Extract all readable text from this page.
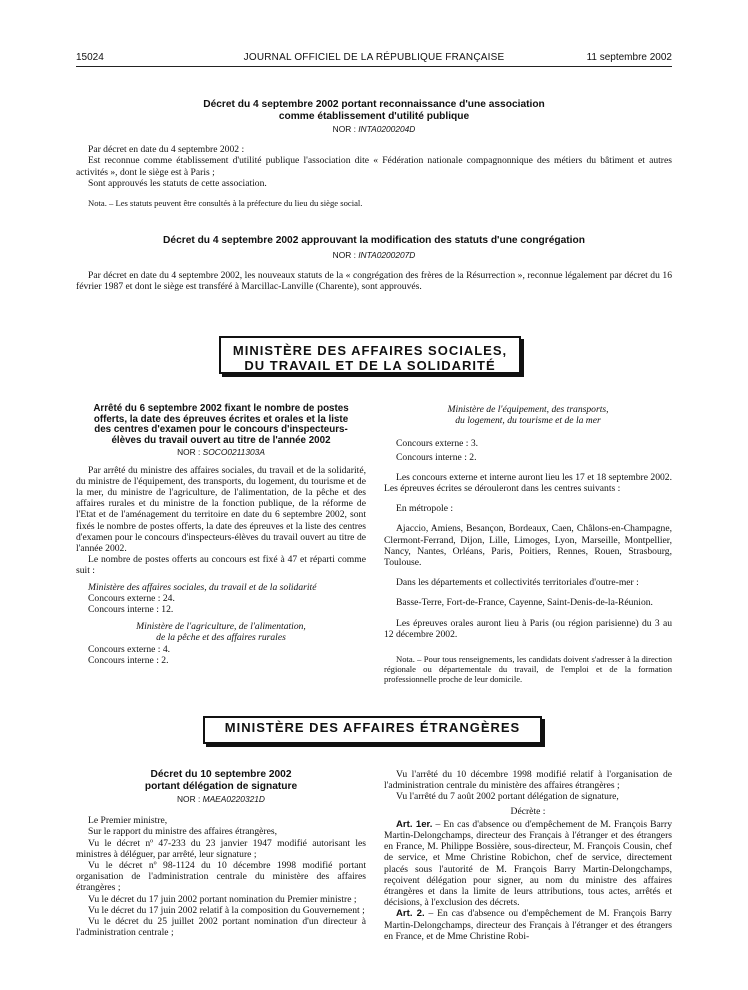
15024	JOURNAL OFFICIEL DE LA RÉPUBLIQUE FRANÇAISE	11 septembre 2002
Décret du 4 septembre 2002 portant reconnaissance d'une association
comme établissement d'utilité publique
NOR : INTA0200204D

Par décret en date du 4 septembre 2002 :

Est reconnue comme établissement d'utilité publique l'association dite « Fédération nationale compagnonnique des métiers du bâtiment et autres activités », dont le siège est à Paris ;

Sont approuvés les statuts de cette association.

Nota. – Les statuts peuvent être consultés à la préfecture du lieu du siège social.

Décret du 4 septembre 2002 approuvant la modification des statuts d'une congrégation
NOR : INTA0200207D

Par décret en date du 4 septembre 2002, les nouveaux statuts de la « congrégation des frères de la Résurrection », reconnue légalement par décret du 16 février 1987 et dont le siège est transféré à Marcillac-Lanville (Charente), sont approuvés.

MINISTÈRE DES AFFAIRES SOCIALES,
DU TRAVAIL ET DE LA SOLIDARITÉ
Arrêté du 6 septembre 2002 fixant le nombre de postes
offerts, la date des épreuves écrites et orales et la liste
des centres d'examen pour le concours d'inspecteurs-
élèves du travail ouvert au titre de l'année 2002
NOR : SOCO0211303A

Par arrêté du ministre des affaires sociales, du travail et de la solidarité, du ministre de l'équipement, des transports, du logement, du tourisme et de la mer, du ministre de l'agriculture, de l'alimentation, de la pêche et des affaires rurales et du ministre de la fonction publique, de la réforme de l'Etat et de l'aménagement du territoire en date du 6 septembre 2002, sont fixés le nombre de postes offerts, la date des épreuves et la liste des centres d'examen pour le concours d'inspecteurs-élèves du travail ouvert au titre de l'année 2002.

Le nombre de postes offerts au concours est fixé à 47 et réparti comme suit :

Ministère des affaires sociales, du travail et de la solidarité

Concours externe : 24.

Concours interne : 12.

Ministère de l'agriculture, de l'alimentation,
de la pêche et des affaires rurales

Concours externe : 4.

Concours interne : 2.

Ministère de l'équipement, des transports,
du logement, du tourisme et de la mer

Concours externe : 3.

Concours interne : 2.

Les concours externe et interne auront lieu les 17 et 18 septembre 2002. Les épreuves écrites se dérouleront dans les centres suivants :

En métropole :

Ajaccio, Amiens, Besançon, Bordeaux, Caen, Châlons-en-Champagne, Clermont-Ferrand, Dijon, Lille, Limoges, Lyon, Marseille, Montpellier, Nancy, Nantes, Orléans, Paris, Poitiers, Rennes, Rouen, Strasbourg, Toulouse.

Dans les départements et collectivités territoriales d'outre-mer :

Basse-Terre, Fort-de-France, Cayenne, Saint-Denis-de-la-Réunion.

Les épreuves orales auront lieu à Paris (ou région parisienne) du 3 au 12 décembre 2002.

Nota. – Pour tous renseignements, les candidats doivent s'adresser à la direction régionale ou départementale du travail, de l'emploi et de la formation professionnelle proche de leur domicile.

MINISTÈRE DES AFFAIRES ÉTRANGÈRES
Décret du 10 septembre 2002
portant délégation de signature
NOR : MAEA0220321D

Le Premier ministre,

Sur le rapport du ministre des affaires étrangères,

Vu le décret nº 47-233 du 23 janvier 1947 modifié autorisant les ministres à déléguer, par arrêté, leur signature ;

Vu le décret nº 98-1124 du 10 décembre 1998 modifié portant organisation de l'administration centrale du ministère des affaires étrangères ;

Vu le décret du 17 juin 2002 portant nomination du Premier ministre ;

Vu le décret du 17 juin 2002 relatif à la composition du Gouvernement ;

Vu le décret du 25 juillet 2002 portant nomination d'un directeur à l'administration centrale ;

Vu l'arrêté du 10 décembre 1998 modifié relatif à l'organisation de l'administration centrale du ministère des affaires étrangères ;

Vu l'arrêté du 7 août 2002 portant délégation de signature,

Décrète :

Art. 1er. – En cas d'absence ou d'empêchement de M. François Barry Martin-Delongchamps, directeur des Français à l'étranger et des étrangers en France, M. Philippe Bossière, sous-directeur, M. François Cousin, chef de service, et Mme Christine Robichon, chef de service, directement placés sous l'autorité de M. François Barry Martin-Delongchamps, reçoivent délégation pour signer, au nom du ministre des affaires étrangères et dans la limite de leurs attributions, tous actes, arrêtés et décisions, à l'exclusion des décrets.

Art. 2. – En cas d'absence ou d'empêchement de M. François Barry Martin-Delongchamps, directeur des Français à l'étranger et des étrangers en France, et de Mme Christine Robi-
